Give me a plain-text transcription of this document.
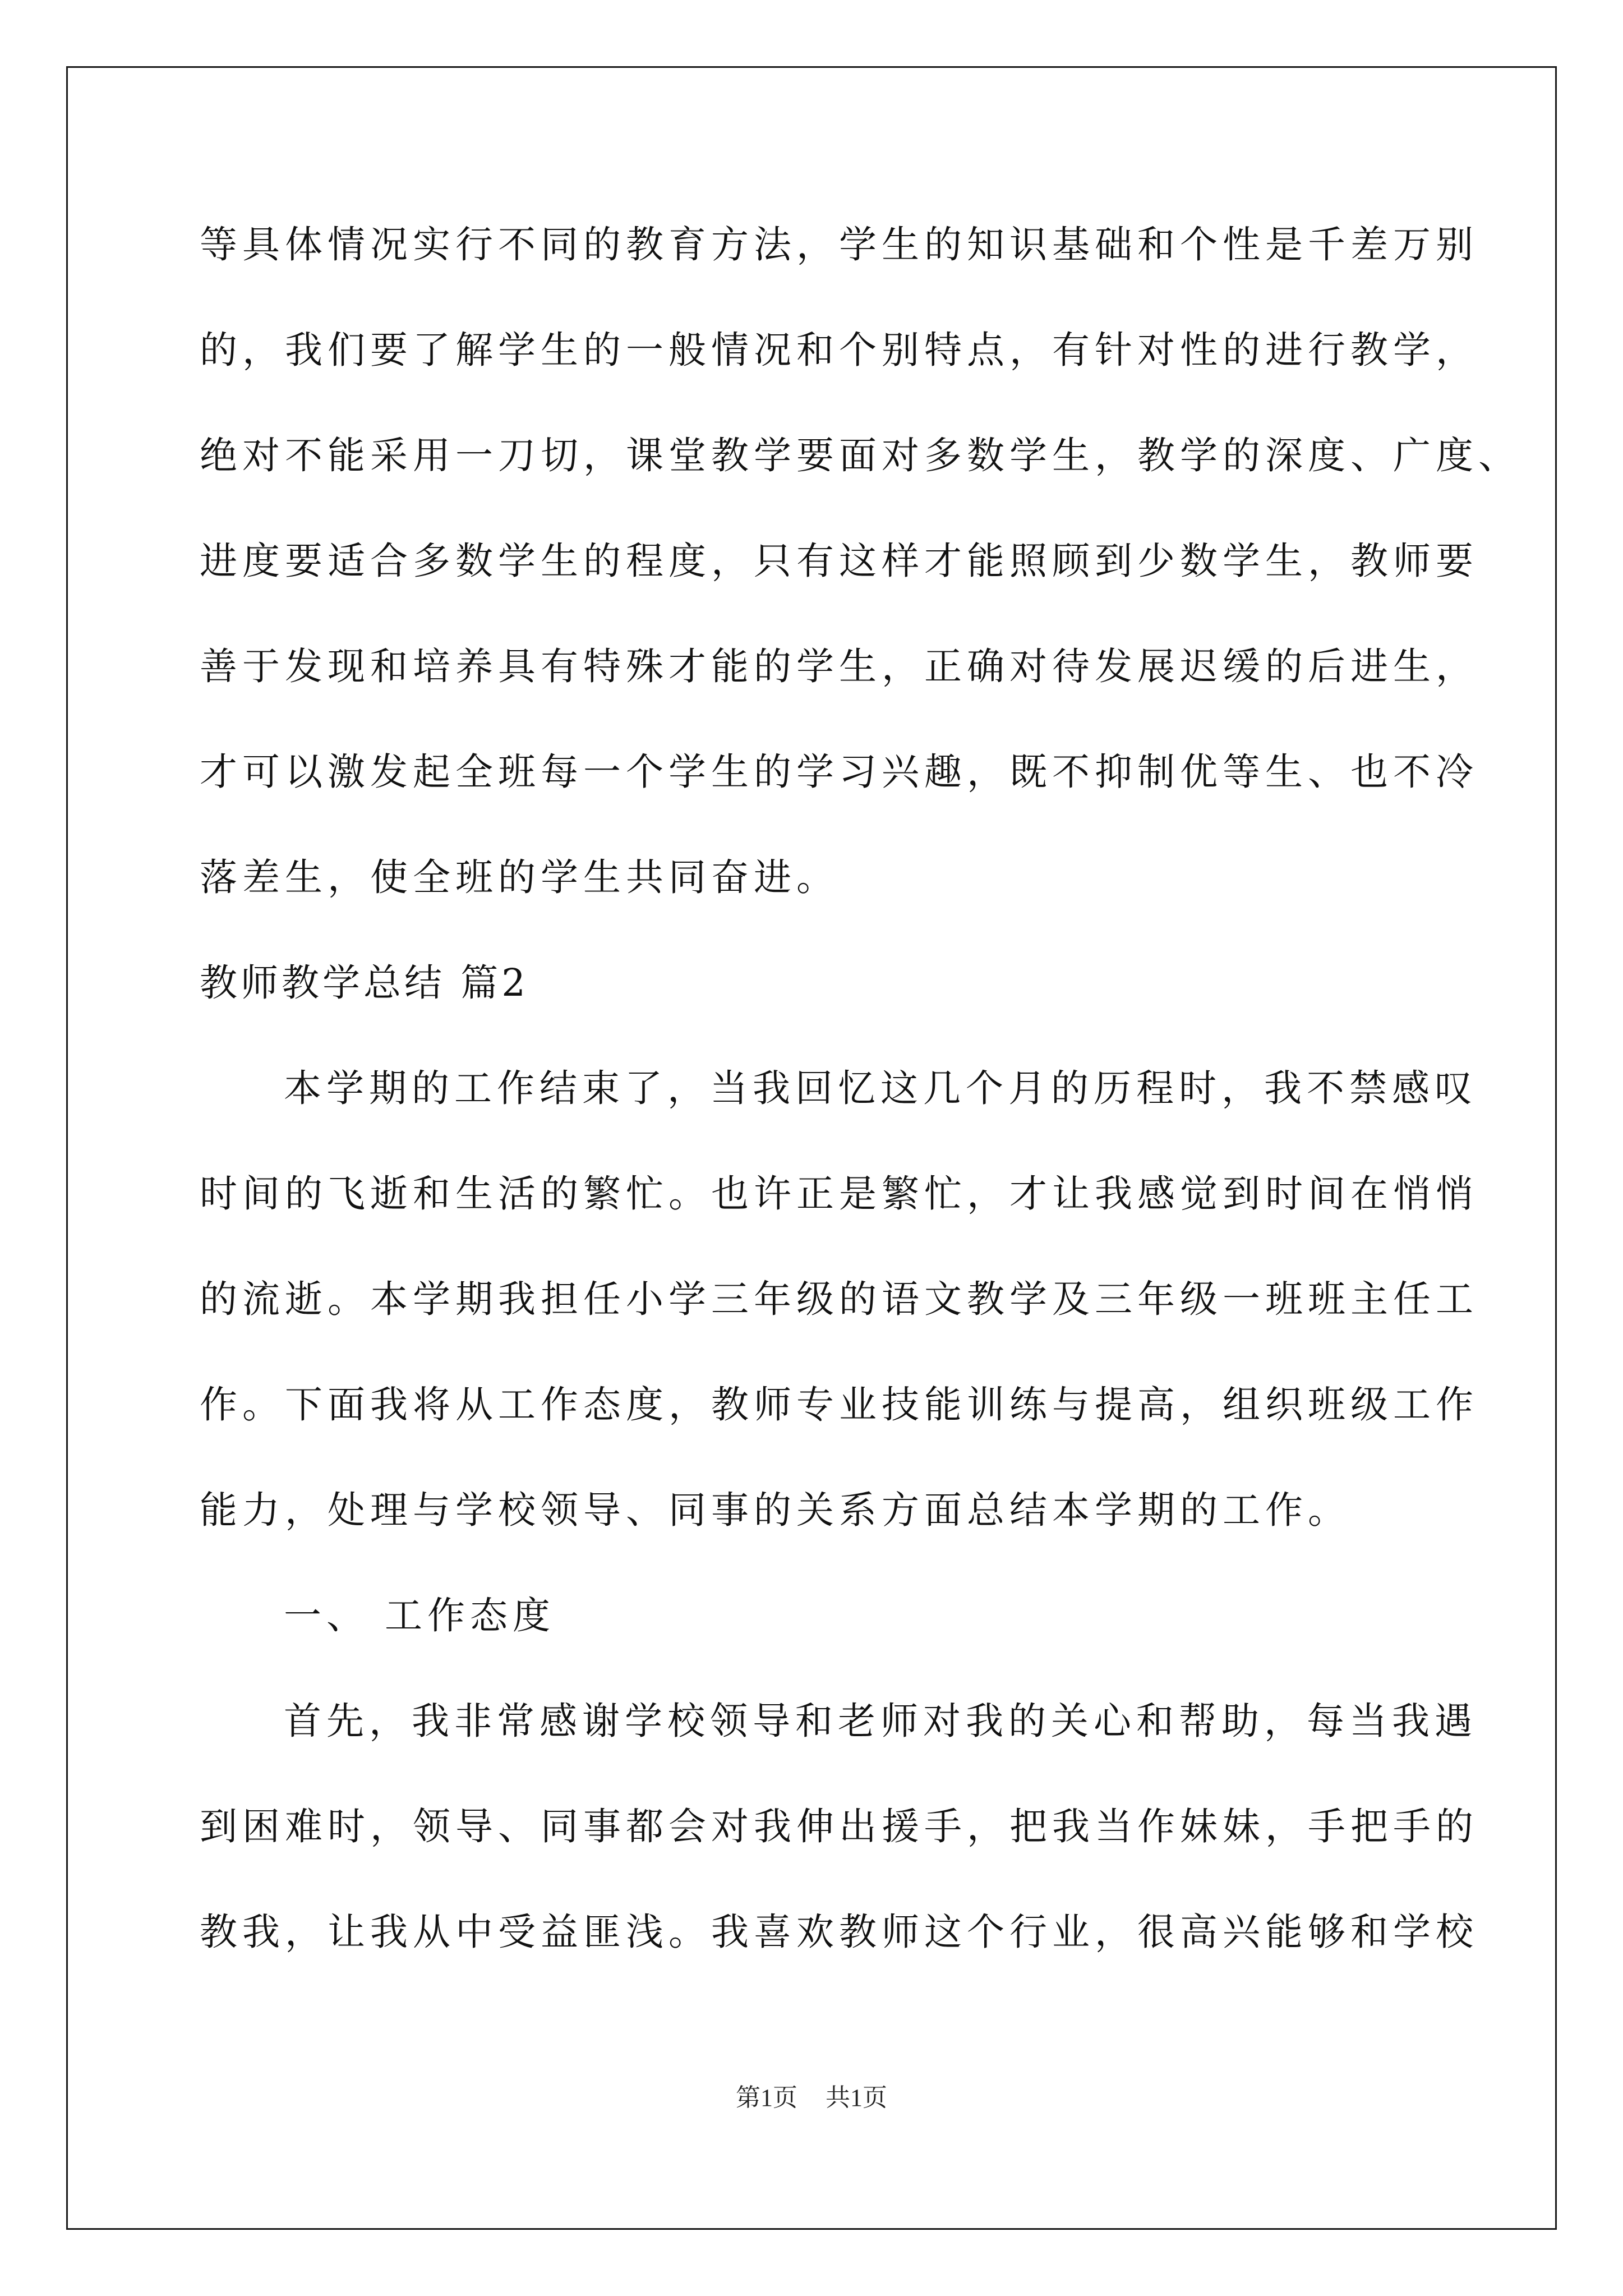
等具体情况实行不同的教育方法，学生的知识基础和个性是千差万别

的，我们要了解学生的一般情况和个别特点，有针对性的进行教学，

绝对不能采用一刀切，课堂教学要面对多数学生，教学的深度、广度、

进度要适合多数学生的程度，只有这样才能照顾到少数学生，教师要

善于发现和培养具有特殊才能的学生，正确对待发展迟缓的后进生，

才可以激发起全班每一个学生的学习兴趣，既不抑制优等生、也不冷

落差生，使全班的学生共同奋进。

教师教学总结 篇2

本学期的工作结束了，当我回忆这几个月的历程时，我不禁感叹

时间的飞逝和生活的繁忙。也许正是繁忙，才让我感觉到时间在悄悄

的流逝。本学期我担任小学三年级的语文教学及三年级一班班主任工

作。下面我将从工作态度，教师专业技能训练与提高，组织班级工作

能力，处理与学校领导、同事的关系方面总结本学期的工作。

一、 工作态度

首先，我非常感谢学校领导和老师对我的关心和帮助，每当我遇

到困难时，领导、同事都会对我伸出援手，把我当作妹妹，手把手的

教我，让我从中受益匪浅。我喜欢教师这个行业，很高兴能够和学校

第1页 共1页
